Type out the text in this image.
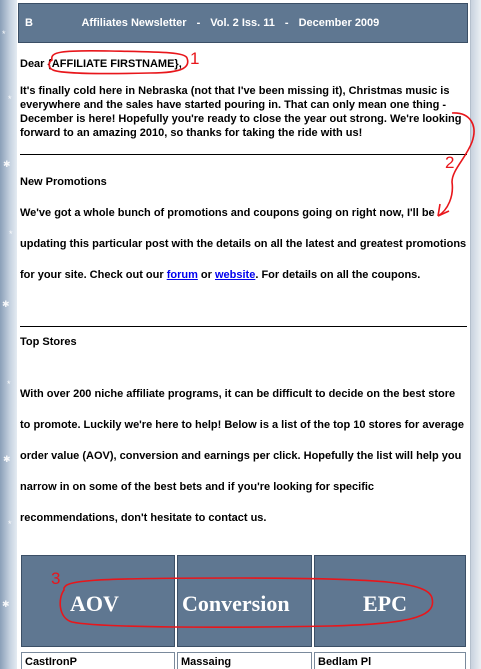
*
*
✱
*
✱
*
✱
*
✱
B                Affiliates Newsletter - Vol. 2 Iss. 11 - December 2009
Dear {AFFILIATE FIRSTNAME},
It's finally cold here in Nebraska (not that I've been missing it), Christmas music is everywhere and the sales have started pouring in. That can only mean one thing - December is here! Hopefully you're ready to close the year out strong. We're looking forward to an amazing 2010, so thanks for taking the ride with us!
New Promotions
We've got a whole bunch of promotions and coupons going on right now, I'll be updating this particular post with the details on all the latest and greatest promotions for your site. Check out our forum or website. For details on all the coupons.
Top Stores
With over 200 niche affiliate programs, it can be difficult to decide on the best store to promote. Luckily we're here to help! Below is a list of the top 10 stores for average order value (AOV), conversion and earnings per click. Hopefully the list will help you narrow in on some of the best bets and if you're looking for specific recommendations, don't hesitate to contact us.
AOV	Conversion	EPC
CastIronP	Massaing	Bedlam Pl
1
2
3
